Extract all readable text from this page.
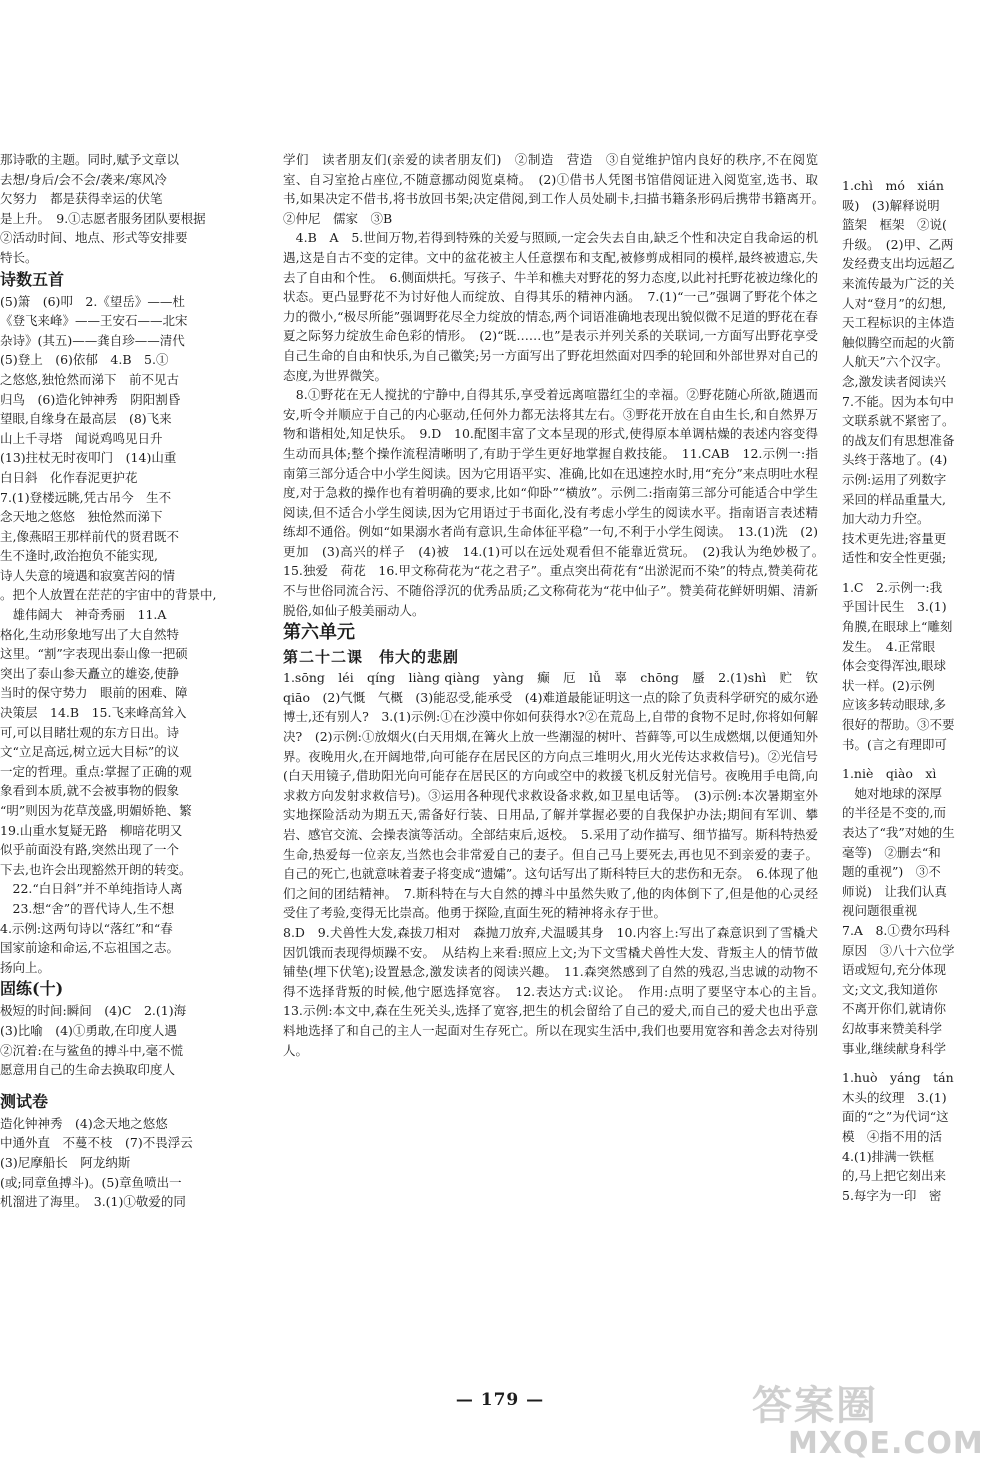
那诗歌的主题。同时,赋予文章以

去想/身后/会不会/袭来/寒风冷

欠努力　都是获得幸运的伏笔

是上升。　9.①志愿者服务团队要根据

②活动时间、地点、形式等安排要

特长。

诗数五首

(5)箫　(6)叩　2.《望岳》——杜

《登飞来峰》——王安石——北宋

杂诗》(其五)——龚自珍——清代

(5)登上　(6)依郁　4.B　5.①

之悠悠,独怆然而涕下　前不见古

归鸟　(6)造化钟神秀　阴阳割昏

望眼,自缘身在最高层　(8)飞来

山上千寻塔　闻说鸡鸣见日升

(13)拄杖无时夜叩门　(14)山重

白日斜　化作春泥更护花

7.(1)登楼远眺,凭古吊今　生不

念天地之悠悠　独怆然而涕下

主,像燕昭王那样前代的贤君既不

生不逢时,政治抱负不能实现,

诗人失意的境遇和寂寞苦闷的情

。把个人放置在茫茫的宇宙中的背景中,

　雄伟阔大　神奇秀丽　11.A

格化,生动形象地写出了大自然特

这里。“割”字表现出泰山像一把硕

突出了泰山参天矗立的雄姿,使静

当时的保守势力　眼前的困难、障

决策层　14.B　15.飞来峰高耸入

可,可以目睹壮观的东方日出。诗

文“立足高远,树立远大目标”的议

一定的哲理。重点:掌握了正确的观

象看到本质,就不会被事物的假象

“明”则因为花草茂盛,明媚娇艳、繁

19.山重水复疑无路　柳暗花明又

似乎前面没有路,突然出现了一个

下去,也许会出现豁然开朗的转变。

　22.“白日斜”并不单纯指诗人离

　23.想“舍”的晋代诗人,生不想

4.示例:这两句诗以“落红”和“春

国家前途和命运,不忘祖国之志。

扬向上。

固练(十)

极短的时间:瞬间　(4)C　2.(1)海

(3)比喻　(4)①勇敢,在印度人遇

②沉着:在与鲨鱼的搏斗中,毫不慌

愿意用自己的生命去换取印度人

测试卷

造化钟神秀　(4)念天地之悠悠

中通外直　不蔓不枝　(7)不畏浮云

(3)尼摩船长　阿龙纳斯

(或;同章鱼搏斗)。(5)章鱼喷出一

机溜进了海里。　3.(1)①敬爱的同

学们　读者朋友们(亲爱的读者朋友们)　②制造　营造　③自觉维护馆内良好的秩序,不在阅览室、自习室抢占座位,不随意挪动阅览桌椅。　(2)①借书人凭图书馆借阅证进入阅览室,选书、取书,如果决定不借书,将书放回书架;决定借阅,到工作人员处刷卡,扫描书籍条形码后携带书籍离开。　②仲尼　儒家　③B

　4.B　A　5.世间万物,若得到特殊的关爱与照顾,一定会失去自由,缺乏个性和决定自我命运的机遇,这是自古不变的定律。文中的盆花被主人任意摆布和支配,被修剪成相同的模样,最终被遗忘,失去了自由和个性。　6.侧面烘托。写孩子、牛羊和樵夫对野花的努力态度,以此衬托野花被边缘化的状态。更凸显野花不为讨好他人而绽放、自得其乐的精神内涵。　7.(1)“一己”强调了野花个体之力的微小,“极尽所能”强调野花尽全力绽放的情态,两个词语准确地表现出貌似微不足道的野花在春夏之际努力绽放生命色彩的情形。　(2)“既……也”是表示并列关系的关联词,一方面写出野花享受自己生命的自由和快乐,为自己徽笑;另一方面写出了野花坦然面对四季的轮回和外部世界对自己的态度,为世界微笑。

　8.①野花在无人搅扰的宁静中,自得其乐,享受着远离喧嚣红尘的幸福。②野花随心所欲,随遇而安,听令并顺应于自己的内心驱动,任何外力都无法将其左右。③野花开放在自由生长,和自然界万物和谐相处,知足快乐。　9.D　10.配图丰富了文本呈现的形式,使得原本单调枯燥的表述内容变得生动而具体;整个操作流程清晰明了,有助于学生更好地掌握自救技能。　11.CAB　12.示例一:指南第三部分适合中小学生阅读。因为它用语平实、准确,比如在迅速控水时,用“充分”来点明吐水程度,对于急救的操作也有着明确的要求,比如“仰卧”“横放”。示例二:指南第三部分可能适合中学生阅读,但不适合小学生阅读,因为它用语过于书面化,没有考虑小学生的阅读水平。指南语言表述精练却不通俗。例如“如果溺水者尚有意识,生命体征平稳”一句,不利于小学生阅读。　13.(1)洗　(2)更加　(3)高兴的样子　(4)被　14.(1)可以在远处观看但不能靠近赏玩。　(2)我认为绝妙极了。　15.独爱　荷花　16.甲文称荷花为“花之君子”。重点突出荷花有“出淤泥而不染”的特点,赞美荷花不与世俗同流合污、不随俗浮沉的优秀品质;乙文称荷花为“花中仙子”。赞美荷花鲜妍明媚、清新脱俗,如仙子般美丽动人。

第六单元

第二十二课　伟大的悲剧

1.sōng　léi　qíng　liàng qiàng　yàng　癫　厄　lǚ　辜　chōng　蜃　2.(1)shì　贮　钦　qiāo　(2)气慨　气概　(3)能忍受,能承受　(4)难道最能证明这一点的除了负责科学研究的威尔逊博士,还有别人?　3.(1)示例:①在沙漠中你如何获得水?②在荒岛上,自带的食物不足时,你将如何解决?　(2)示例:①放烟火(白天用烟,在篝火上放一些潮湿的树叶、苔藓等,可以生成燃烟,以便通知外界。夜晚用火,在开阔地带,向可能存在居民区的方向点三堆明火,用火光传达求救信号)。②光信号(白天用镜子,借助阳光向可能存在居民区的方向或空中的救援飞机反射光信号。夜晚用手电筒,向求救方向发射求救信号)。③运用各种现代求救设备求救,如卫星电话等。　(3)示例:本次暑期室外实地探险活动为期五天,需备好行装、日用品,了解并掌握必要的自我保护办法;期间有军训、攀岩、感官交流、会操表演等活动。全部结束后,返校。　5.采用了动作描写、细节描写。斯科特热爱生命,热爱每一位亲友,当然也会非常爱自己的妻子。但自己马上要死去,再也见不到亲爱的妻子。自己的死亡,也就意味着妻子将变成“遗孀”。这句话写出了斯科特巨大的悲伤和无奈。　6.体现了他们之间的团结精神。　7.斯科特在与大自然的搏斗中虽然失败了,他的肉体倒下了,但是他的心灵经受住了考验,变得无比崇高。他勇于探险,直面生死的精神将永存于世。

8.D　9.犬兽性大发,森拔刀相对　森抛刀放弃,犬温暖其身　10.内容上:写出了森意识到了雪橇犬因饥饿而表现得烦躁不安。　从结构上来看:照应上文;为下文雪橇犬兽性大发、背叛主人的情节做铺垫(埋下伏笔);设置悬念,激发读者的阅读兴趣。　11.森突然感到了自然的残忍,当忠诚的动物不得不选择背叛的时候,他宁愿选择宽容。　12.表达方式:议论。　作用:点明了要坚守本心的主旨。　13.示例:本文中,森在生死关头,选择了宽容,把生的机会留给了自己的爱犬,而自己的爱犬也出乎意料地选择了和自己的主人一起面对生存死亡。所以在现实生活中,我们也要用宽容和善念去对待别人。

1.chì　mó　xián

吸)　(3)解释说明

篮架　框架　②说(

升级。　(2)甲、乙两

发经费支出均远超乙

来流传最为广泛的关

人对“登月”的幻想,

天工程标识的主体造

触似腾空而起的火箭

人航天”六个汉字。

念,激发读者阅读兴

7.不能。因为本句中

文联系就不紧密了。

的战友们有思想准备

头终于落地了。(4)

示例:运用了列数字

采回的样品重量大,

加大动力升空。

技术更先进;容量更

适性和安全性更强;

1.C　2.示例一:我

乎国计民生　3.(1)

角膜,在眼球上“雕刻

发生。　4.正常眼

体会变得浑浊,眼球

状一样。(2)示例

应该多转动眼球,多

很好的帮助。③不要

书。(言之有理即可

1.niè　qiào　xì

　她对地球的深厚

的半径是不变的,而

表达了“我”对她的生

毫等)　②删去“和

题的重视”)　③不

师说)　让我们认真

视问题很重视

7.A　8.①费尔玛科

原因　③八十六位学

语或短句,充分体现

文;文文,我知道你

不离开你们,就请你

幻故事来赞美科学

事业,继续献身科学

1.huò　yáng　tán

木头的纹理　3.(1)

面的“之”为代词“这

模　④指不用的活

4.(1)排满一铁框

的,马上把它刻出来

5.每字为一印　密

— 179 —	答案圈
MXQE.COM
